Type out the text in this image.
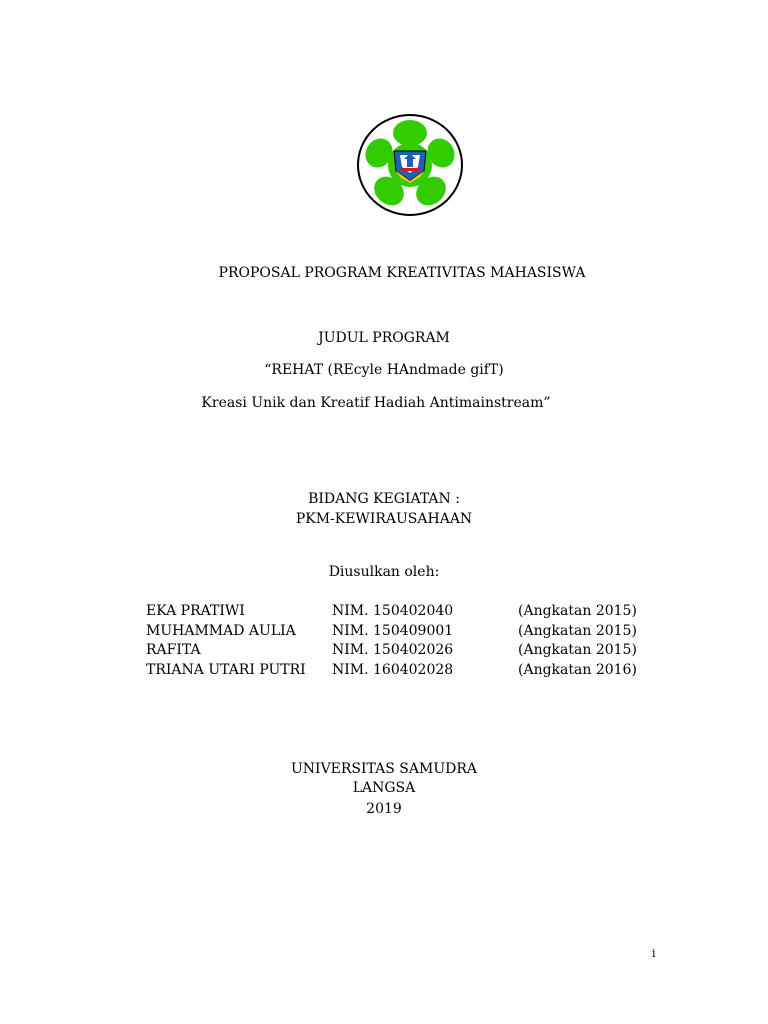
PROPOSAL PROGRAM KREATIVITAS MAHASISWA
JUDUL PROGRAM
“REHAT (REcyle HAndmade gifT)
Kreasi Unik dan Kreatif Hadiah Antimainstream”
BIDANG KEGIATAN :
PKM-KEWIRAUSAHAAN
Diusulkan oleh:
EKA PRATIWI	NIM. 150402040	(Angkatan 2015)
MUHAMMAD AULIA	NIM. 150409001	(Angkatan 2015)
RAFITA	NIM. 150402026	(Angkatan 2015)
TRIANA UTARI PUTRI NIM. 160402028	(Angkatan 2016)
UNIVERSITAS SAMUDRA
LANGSA
2019
i
